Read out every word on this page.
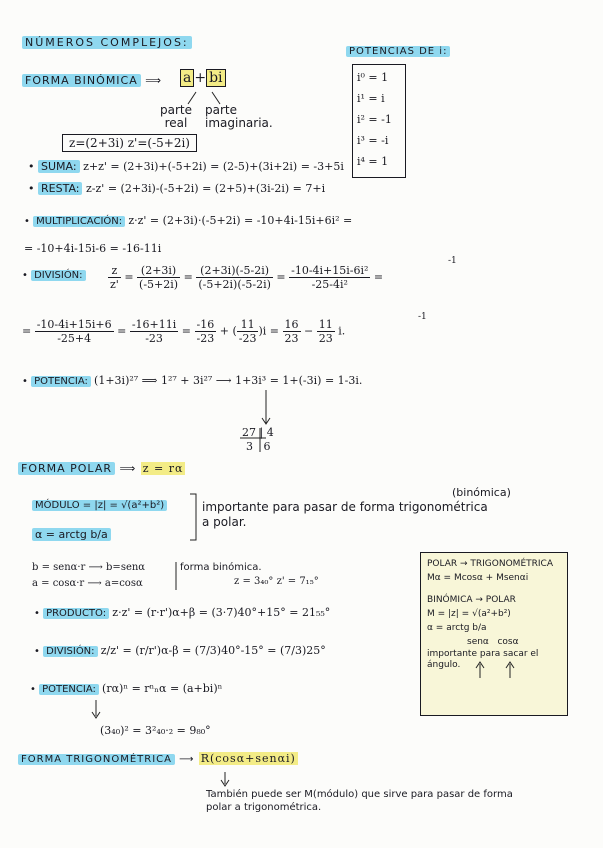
NÚMEROS COMPLEJOS:
POTENCIAS DE i:
i⁰ = 1
i¹ = i
i² = -1
i³ = -i
i⁴ = 1
FORMA BINÓMICA ⟹ a + bi
parte
real
parte
imaginaria.
z=(2+3i) z'=(-5+2i)
• SUMA: z+z' = (2+3i)+(-5+2i) = (2-5)+(3i+2i) = -3+5i
• RESTA: z-z' = (2+3i)-(-5+2i) = (2+5)+(3i-2i) = 7+i
• MULTIPLICACIÓN: z·z' = (2+3i)·(-5+2i) = -10+4i-15i+6i² =
= -10+4i-15i-6 = -16-11i
• DIVISIÓN: $\frac{z}{z'} = \frac{(2+3i)}{(-5+2i)} = \frac{(2+3i)(-5-2i)}{(-5+2i)(-5-2i)} = \frac{\text{-10-4i+15i-6i²}}{\text{-25-4i²}}$ =
-1
= $\frac{-10-4i+15i+6}{-25+4} = \frac{-16+11i}{-23} = \frac{-16}{-23}$ + ( $\frac{11}{-23} )i = \frac{16}{23} - \frac{11}{23} i$.
-1
• POTENCIA: (1+3i)²⁷ ⟹ 1²⁷ + 3i²⁷ ⟶ 1+3i³ = 1+(-3i) = 1-3i.
27 | 4
3   6
FORMA POLAR ⟹ z = rα
MÓDULO = |z| = √(a²+b²)
α = arctg b/a
importante para pasar de forma trigonométrica
a polar.
(binómica)
b = senα·r ⟶ b=senα
a = cosα·r ⟶ a=cosα
forma binómica.
z = 3₄₀° z' = 7₁₅°
• PRODUCTO: z·z' = (r·r')α+β = (3·7)40°+15° = 21₅₅°
• DIVISIÓN: z/z' = (r/r')α-β = (7/3)40°-15° = (7/3)25°
• POTENCIA: (rα)ⁿ = rⁿₙα = (a+bi)ⁿ
(3₄₀)² = 3²₄₀·₂ = 9₈₀°
POLAR → TRIGONOMÉTRICA
Mα = Mcosα + Msenαi
BINÓMICA → POLAR
M = |z| = √(a²+b²)
α = arctg b/a
senα cosα
importante para sacar el
ángulo.
FORMA TRIGONOMÉTRICA ⟶ R(cosα+senαi)
También puede ser M(módulo) que sirve para pasar de forma
polar a trigonométrica.
